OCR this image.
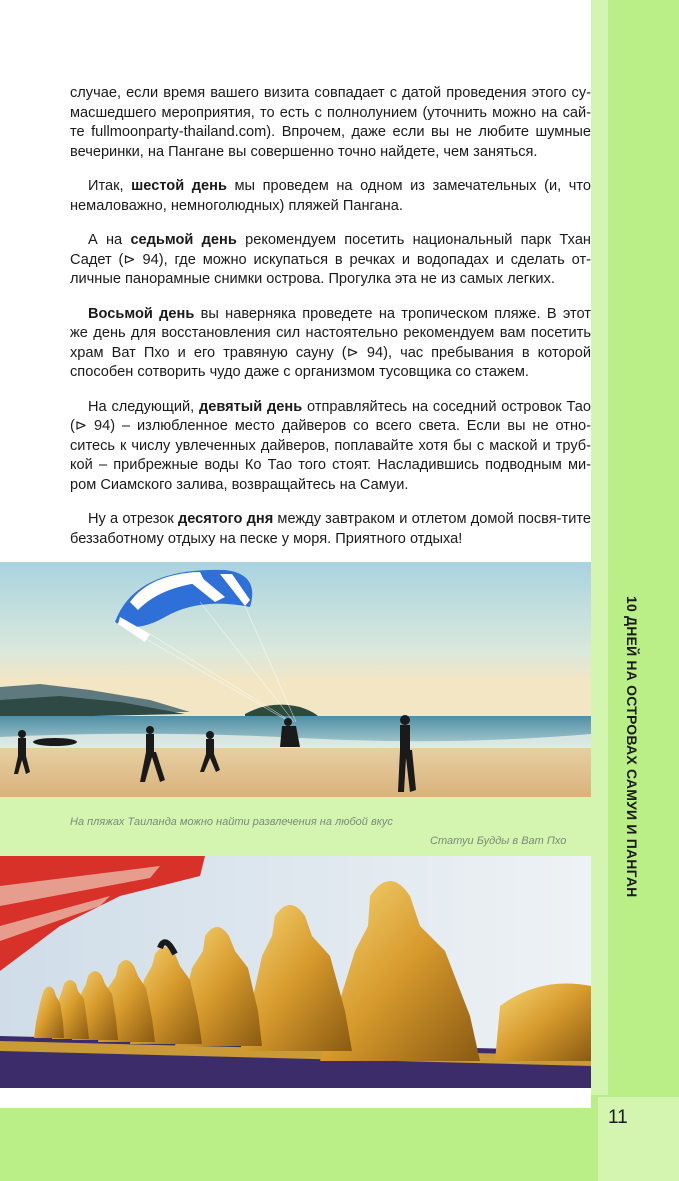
10 ДНЕЙ НА ОСТРОВАХ САМУИ И ПАНГАН
11

случае, если время вашего визита совпадает с датой проведения этого су-масшедшего мероприятия, то есть с полнолунием (уточнить можно на сай-те fullmoonparty-thailand.com). Впрочем, даже если вы не любите шумные вечеринки, на Пангане вы совершенно точно найдете, чем заняться.

Итак, шестой день мы проведем на одном из замечательных (и, что немаловажно, немноголюдных) пляжей Пангана.

А на седьмой день рекомендуем посетить национальный парк Тхан Садет (⊳ 94), где можно искупаться в речках и водопадах и сделать от-личные панорамные снимки острова. Прогулка эта не из самых легких.

Восьмой день вы наверняка проведете на тропическом пляже. В этот же день для восстановления сил настоятельно рекомендуем вам посетить храм Ват Пхо и его травяную сауну (⊳ 94), час пребывания в которой способен сотворить чудо даже с организмом тусовщика со стажем.

На следующий, девятый день отправляйтесь на соседний островок Тао (⊳ 94) – излюбленное место дайверов со всего света. Если вы не отно-ситесь к числу увлеченных дайверов, поплавайте хотя бы с маской и труб-кой – прибрежные воды Ко Тао того стоят. Насладившись подводным ми-ром Сиамского залива, возвращайтесь на Самуи.

Ну а отрезок десятого дня между завтраком и отлетом домой посвя-тите беззаботному отдыху на песке у моря. Приятного отдыха!

На пляжах Таиланда можно найти развлечения на любой вкус
Статуи Будды в Ват Пхо
